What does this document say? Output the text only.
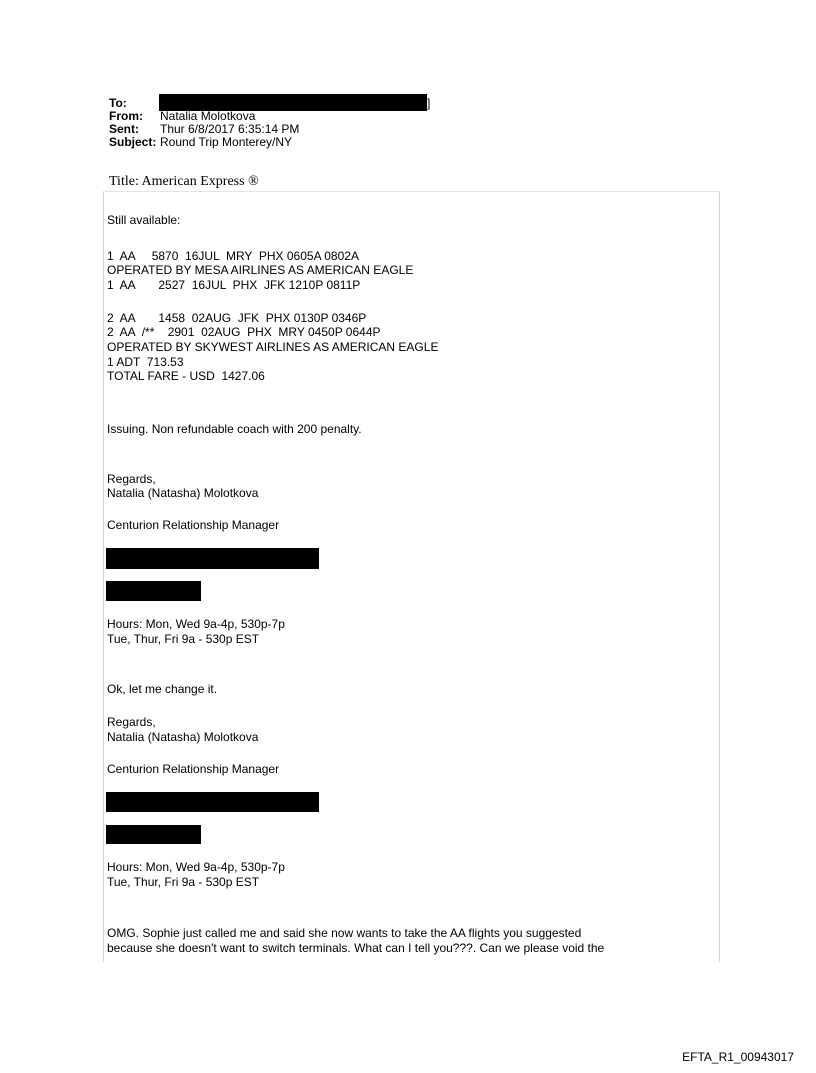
To:	]
From: Natalia Molotkova
Sent: Thur 6/8/2017 6:35:14 PM
Subject: Round Trip Monterey/NY
Title: American Express ®
Still available:
1  AA     5870  16JUL  MRY  PHX 0605A 0802A
OPERATED BY MESA AIRLINES AS AMERICAN EAGLE
1  AA       2527  16JUL  PHX  JFK 1210P 0811P
2  AA       1458  02AUG  JFK  PHX 0130P 0346P
2  AA  /**    2901  02AUG  PHX  MRY 0450P 0644P
OPERATED BY SKYWEST AIRLINES AS AMERICAN EAGLE
1 ADT  713.53
TOTAL FARE - USD  1427.06
Issuing. Non refundable coach with 200 penalty.
Regards,
Natalia (Natasha) Molotkova
Centurion Relationship Manager
Hours: Mon, Wed 9a-4p, 530p-7p
Tue, Thur, Fri 9a - 530p EST
Ok, let me change it.
Regards,
Natalia (Natasha) Molotkova
Centurion Relationship Manager
Hours: Mon, Wed 9a-4p, 530p-7p
Tue, Thur, Fri 9a - 530p EST
OMG. Sophie just called me and said she now wants to take the AA flights you suggested
because she doesn't want to switch terminals. What can I tell you???. Can we please void the
EFTA_R1_00943017
